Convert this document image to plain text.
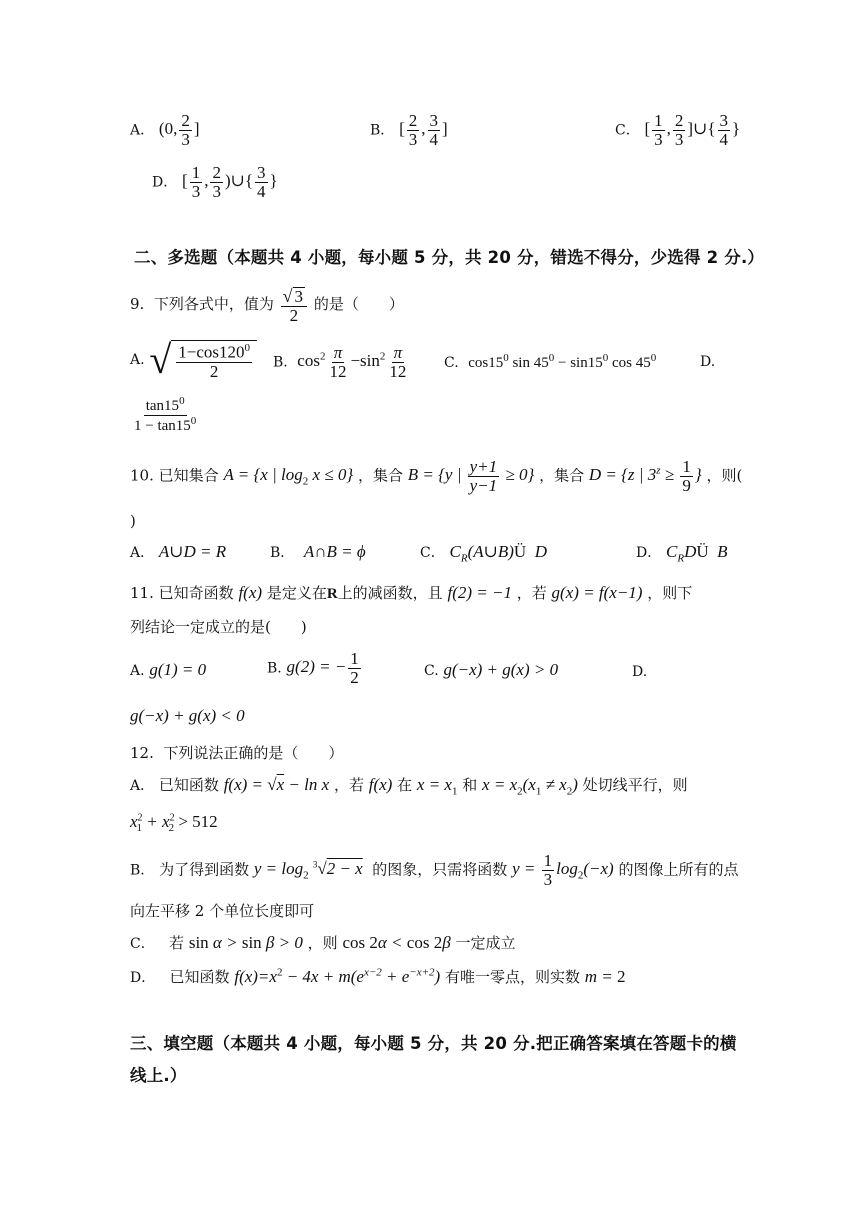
A． (0, $\frac{2}{3}$ ]	B． [ $\frac{2}{3}$ , $\frac{3}{4}$ ]	C． [ $\frac{1}{3}$ , $\frac{2}{3}$ ]∪{ $\frac{3}{4}$ }
D． [ $\frac{1}{3}$ , $\frac{2}{3}$ )∪{ $\frac{3}{4}$ }
二、多选题（本题共 4 小题，每小题 5 分，共 20 分，错选不得分，少选得 2 分.）
9. 下列各式中，值为 $\frac{√ 3}{2}$ 的是（　　）
A. √ $\frac{1-\cos 120^0}{2} B$. $\cos^2 \frac{\pi}{12} -\sin^2 \frac{\pi}{12}$	C. $\cos 15^0$ $\sin 45^0 - \sin 15^0$ $\cos 45^0$	D.
$\frac{\tan 15^0}{1 - \tan 15^0}$
10. 已知集合 A = {x | $\log_2 x \le 0$} ，集合 B = {y | $\frac{y+1}{y-1} \ge 0$} ，集合 D = {z | $3^z \ge \frac{1}{9}$ } ，则(
)
A． A∪D = R	B． A∩B = ϕ	C． $C_R(A\cup B)Ü$  D	D． $C_RDÜ$  B
11. 已知奇函数 f(x) 是定义在R上的减函数，且 f(2) = −1 ，若 g(x) = f(x−1) ，则下
列结论一定成立的是(　　)
A. g(1) = 0	B. g(2) = − $\frac{1}{2}$	C. g(−x) + g(x) > 0	D.
g(−x) + g(x) < 0
12. 下列说法正确的是（　　）
A． 已知函数 f(x) = √x − ln x ，若 f(x) 在 $x = x_1$ 和 $x = x_2(x_1 \ne x_2)$ 处切线平行，则
$x^2_1 + x^2_2 > 512$
B. 为了得到函数 $y = \log_2 ^3√2 - x$ 的图象，只需将函数 $y = \frac{1}{3} \log_2(-x)$ 的图像上所有的点
向左平移 2 个单位长度即可
C． 若 sin α > sin β > 0 ，则 cos 2α < cos 2β 一定成立
D． 已知函数 $f(x)=x^2 - 4x + m(e^{x-2} + e^{-x+2})$ 有唯一零点，则实数 m = 2
三、填空题（本题共 4 小题，每小题 5 分，共 20 分.把正确答案填在答题卡的横
线上.）
